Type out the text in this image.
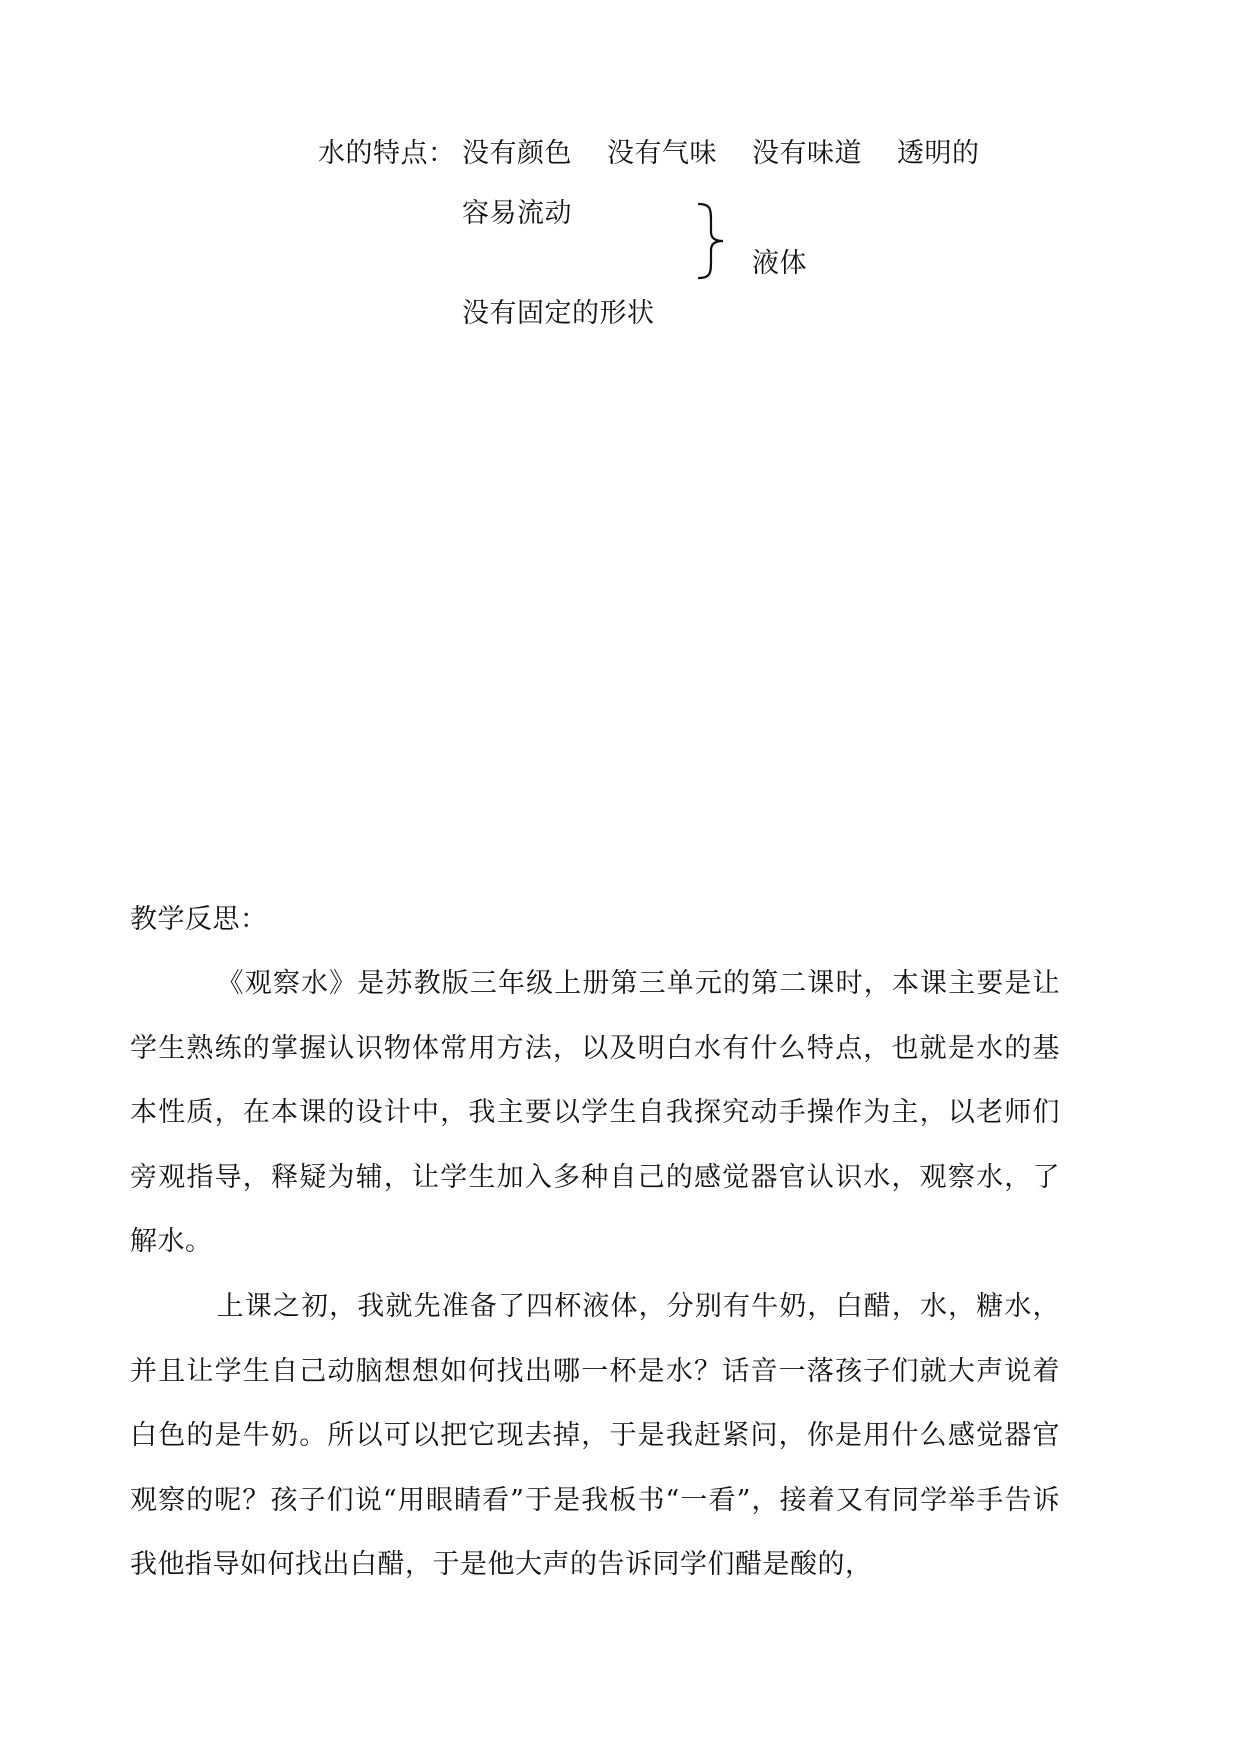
水的特点： 没有颜色 没有气味 没有味道 透明的
容易流动
液体
没有固定的形状
教学反思：
《观察水》是苏教版三年级上册第三单元的第二课时，本课主要是让学生熟练的掌握认识物体常用方法，以及明白水有什么特点，也就是水的基本性质，在本课的设计中，我主要以学生自我探究动手操作为主，以老师们旁观指导，释疑为辅，让学生加入多种自己的感觉器官认识水，观察水，了解水。
上课之初，我就先准备了四杯液体，分别有牛奶，白醋，水，糖水，并且让学生自己动脑想想如何找出哪一杯是水？话音一落孩子们就大声说着白色的是牛奶。所以可以把它现去掉，于是我赶紧问，你是用什么感觉器官观察的呢？孩子们说“用眼睛看”于是我板书“一看”，接着又有同学举手告诉我他指导如何找出白醋，于是他大声的告诉同学们醋是酸的，
